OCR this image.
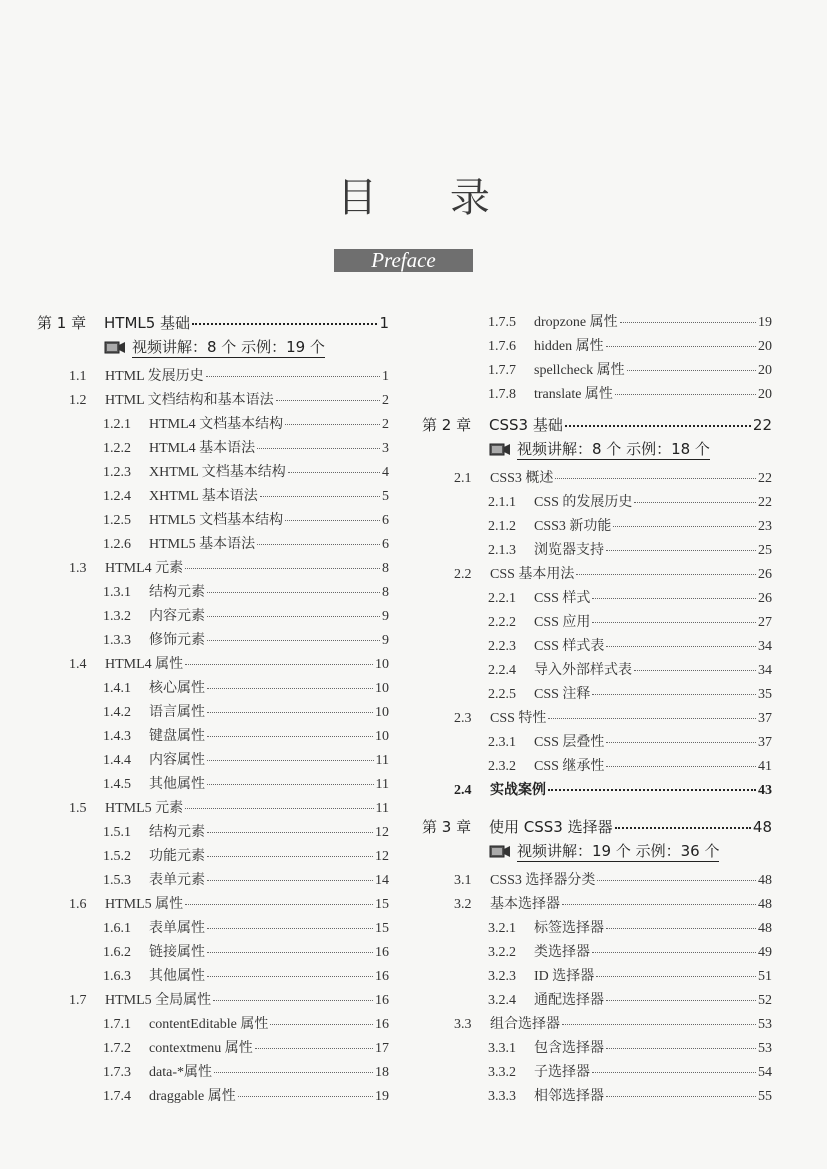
目 录
Preface
第 1 章	HTML5 基础	1
视频讲解：8 个 示例：19 个
1.1	HTML 发展历史	1
1.2	HTML 文档结构和基本语法	2
1.2.1	HTML4 文档基本结构	2
1.2.2	HTML4 基本语法	3
1.2.3	XHTML 文档基本结构	4
1.2.4	XHTML 基本语法	5
1.2.5	HTML5 文档基本结构	6
1.2.6	HTML5 基本语法	6
1.3	HTML4 元素	8
1.3.1	结构元素	8
1.3.2	内容元素	9
1.3.3	修饰元素	9
1.4	HTML4 属性	10
1.4.1	核心属性	10
1.4.2	语言属性	10
1.4.3	键盘属性	10
1.4.4	内容属性	11
1.4.5	其他属性	11
1.5	HTML5 元素	11
1.5.1	结构元素	12
1.5.2	功能元素	12
1.5.3	表单元素	14
1.6	HTML5 属性	15
1.6.1	表单属性	15
1.6.2	链接属性	16
1.6.3	其他属性	16
1.7	HTML5 全局属性	16
1.7.1	contentEditable 属性	16
1.7.2	contextmenu 属性	17
1.7.3	data-*属性	18
1.7.4	draggable 属性	19
1.7.5	dropzone 属性	19
1.7.6	hidden 属性	20
1.7.7	spellcheck 属性	20
1.7.8	translate 属性	20
第 2 章	CSS3 基础	22
视频讲解：8 个 示例：18 个
2.1	CSS3 概述	22
2.1.1	CSS 的发展历史	22
2.1.2	CSS3 新功能	23
2.1.3	浏览器支持	25
2.2	CSS 基本用法	26
2.2.1	CSS 样式	26
2.2.2	CSS 应用	27
2.2.3	CSS 样式表	34
2.2.4	导入外部样式表	34
2.2.5	CSS 注释	35
2.3	CSS 特性	37
2.3.1	CSS 层叠性	37
2.3.2	CSS 继承性	41
2.4	实战案例	43
第 3 章	使用 CSS3 选择器	48
视频讲解：19 个 示例：36 个
3.1	CSS3 选择器分类	48
3.2	基本选择器	48
3.2.1	标签选择器	48
3.2.2	类选择器	49
3.2.3	ID 选择器	51
3.2.4	通配选择器	52
3.3	组合选择器	53
3.3.1	包含选择器	53
3.3.2	子选择器	54
3.3.3	相邻选择器	55
